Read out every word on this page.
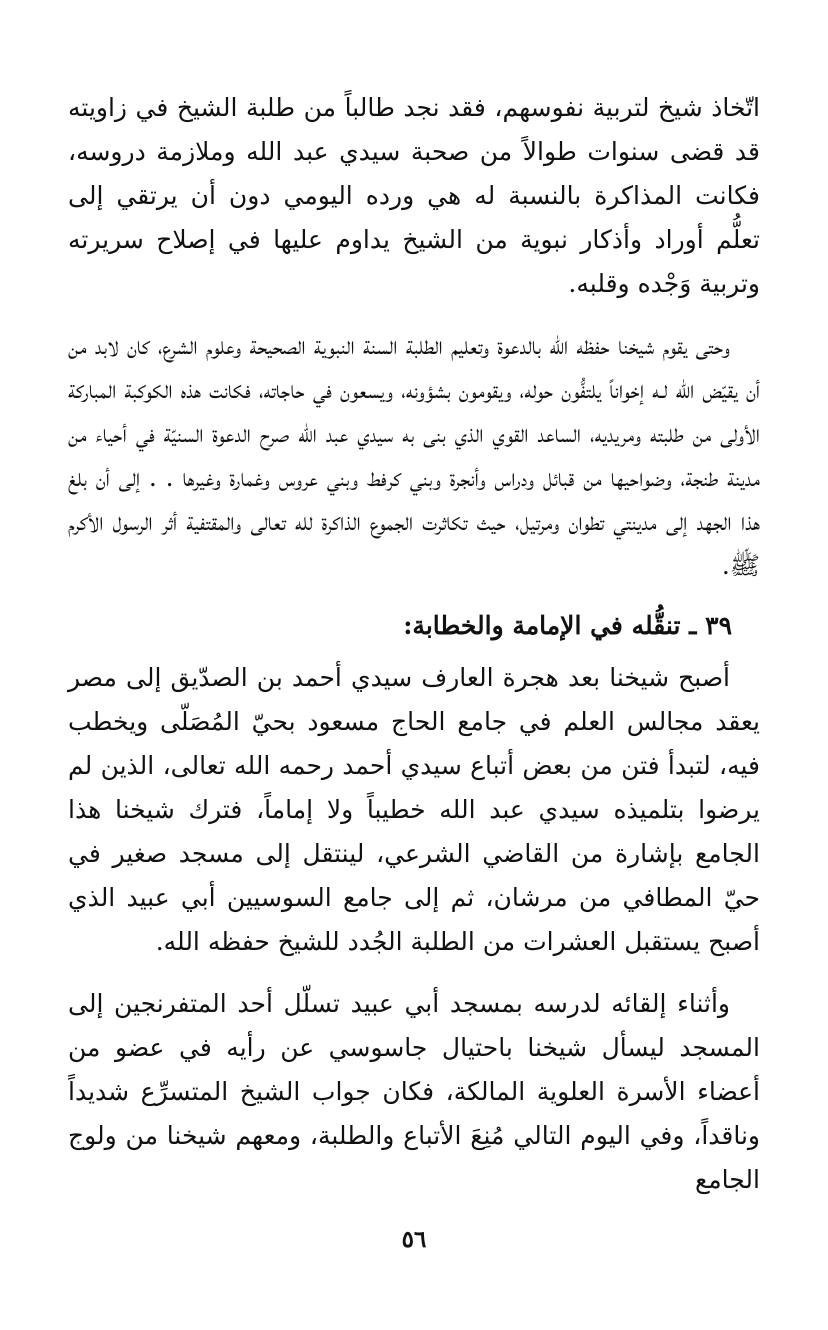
اتّخاذ شيخ لتربية نفوسهم، فقد نجد طالباً من طلبة الشيخ في زاويته قد قضى سنوات طوالاً من صحبة سيدي عبد الله وملازمة دروسه، فكانت المذاكرة بالنسبة له هي ورده اليومي دون أن يرتقي إلى تعلُّم أوراد وأذكار نبوية من الشيخ يداوم عليها في إصلاح سريرته وتربية وَجْده وقلبه.

وحتى يقوم شيخنا حفظه الله بالدعوة وتعليم الطلبة السنة النبوية الصحيحة وعلوم الشرع، كان لابد من أن يقيّض الله لـه إخواناً يلتفُّون حوله، ويقومون بشؤونه، ويسعون في حاجاته، فكانت هذه الكوكبة المباركة الأولى من طلبته ومريديه، الساعد القوي الذي بنى به سيدي عبد الله صرح الدعوة السنيّة في أحياء من مدينة طنجة، وضواحيها من قبائل ودراس وأنجرة وبني كرفط وبني عروس وغمارة وغيرها . . إلى أن بلغ هذا الجهد إلى مدينتي تطوان ومرتيل، حيث تكاثرت الجموع الذاكرة لله تعالى والمقتفية أثر الرسول الأكرم ﷺ.

٣٩ ـ تنقُّله في الإمامة والخطابة:

أصبح شيخنا بعد هجرة العارف سيدي أحمد بن الصدّيق إلى مصر يعقد مجالس العلم في جامع الحاج مسعود بحيّ المُصَلّى ويخطب فيه، لتبدأ فتن من بعض أتباع سيدي أحمد رحمه الله تعالى، الذين لم يرضوا بتلميذه سيدي عبد الله خطيباً ولا إماماً، فترك شيخنا هذا الجامع بإشارة من القاضي الشرعي، لينتقل إلى مسجد صغير في حيّ المطافي من مرشان، ثم إلى جامع السوسيين أبي عبيد الذي أصبح يستقبل العشرات من الطلبة الجُدد للشيخ حفظه الله.

وأثناء إلقائه لدرسه بمسجد أبي عبيد تسلّل أحد المتفرنجين إلى المسجد ليسأل شيخنا باحتيال جاسوسي عن رأيه في عضو من أعضاء الأسرة العلوية المالكة، فكان جواب الشيخ المتسرِّع شديداً وناقداً، وفي اليوم التالي مُنِعَ الأتباع والطلبة، ومعهم شيخنا من ولوج الجامع

٥٦
